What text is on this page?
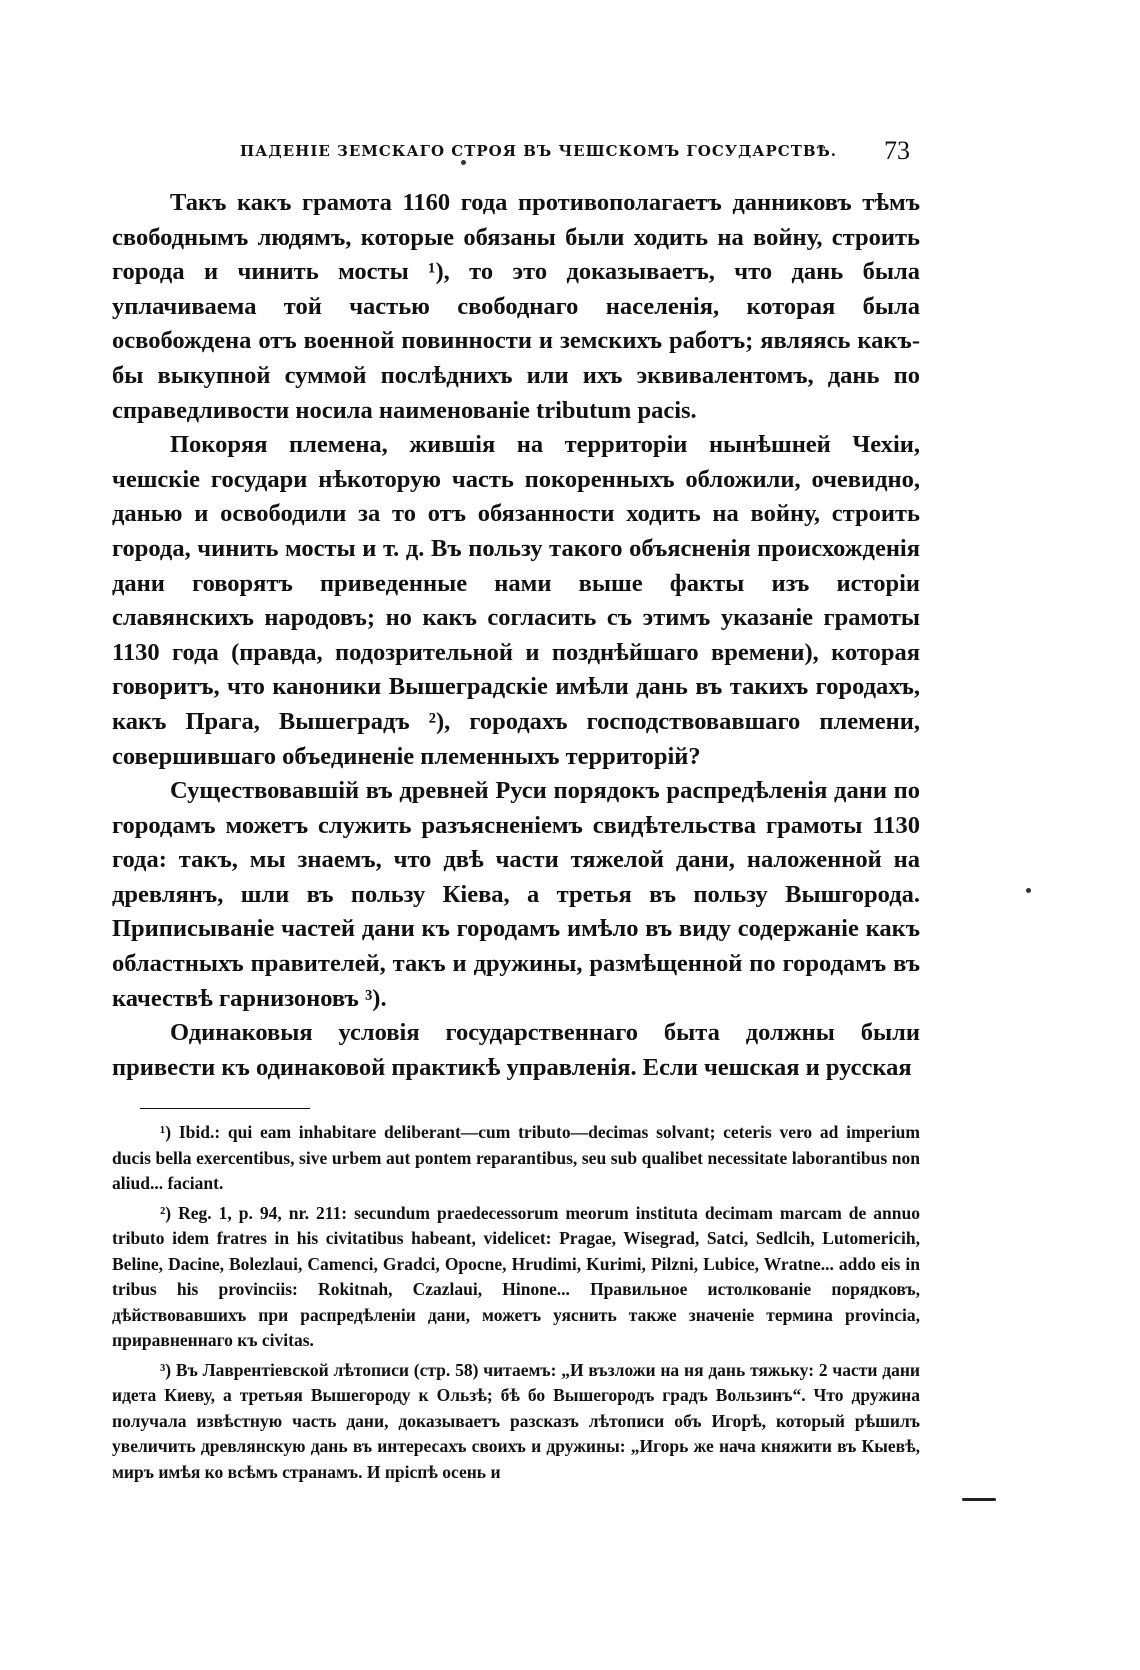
ПАДЕНІЕ ЗЕМСКАГО СТРОЯ ВЪ ЧЕШСКОМЪ ГОСУДАРСТВѢ. 73

Такъ какъ грамота 1160 года противополагаетъ данниковъ тѣмъ свободнымъ людямъ, которые обязаны были ходить на войну, строить города и чинить мосты ¹), то это доказываетъ, что дань была уплачиваема той частью свободнаго населенія, которая была освобождена отъ военной повинности и земскихъ работъ; являясь какъ-бы выкупной суммой послѣднихъ или ихъ эквивалентомъ, дань по справедливости носила наименованіе tributum pacis.

Покоряя племена, жившія на территоріи нынѣшней Чехіи, чешскіе государи нѣкоторую часть покоренныхъ обложили, очевидно, данью и освободили за то отъ обязанности ходить на войну, строить города, чинить мосты и т. д. Въ пользу такого объясненія происхожденія дани говорятъ приведенные нами выше факты изъ исторіи славянскихъ народовъ; но какъ согласить съ этимъ указаніе грамоты 1130 года (правда, подозрительной и позднѣйшаго времени), которая говоритъ, что каноники Вышеградскіе имѣли дань въ такихъ городахъ, какъ Прага, Вышеградъ ²), городахъ господствовавшаго племени, совершившаго объединеніе племенныхъ территорій?

Существовавшій въ древней Руси порядокъ распредѣленія дани по городамъ можетъ служить разъясненіемъ свидѣтельства грамоты 1130 года: такъ, мы знаемъ, что двѣ части тяжелой дани, наложенной на древлянъ, шли въ пользу Кіева, а третья въ пользу Вышгорода. Приписываніе частей дани къ городамъ имѣло въ виду содержаніе какъ областныхъ правителей, такъ и дружины, размѣщенной по городамъ въ качествѣ гарнизоновъ ³).

Одинаковыя условія государственнаго быта должны были привести къ одинаковой практикѣ управленія. Если чешская и русская

¹) Ibid.: qui eam inhabitare deliberant—cum tributo—decimas solvant; ceteris vero ad imperium ducis bella exercentibus, sive urbem aut pontem reparantibus, seu sub qualibet necessitate laborantibus non aliud... faciant.

²) Reg. 1, p. 94, nr. 211: secundum praedecessorum meorum instituta decimam marcam de annuo tributo idem fratres in his civitatibus habeant, videlicet: Pragae, Wisegrad, Satci, Sedlcih, Lutomericih, Beline, Dacine, Bolezlaui, Camenci, Gradci, Opocne, Hrudimi, Kurimi, Pilzni, Lubice, Wratne... addo eis in tribus his provinciis: Rokitnah, Czazlaui, Hinone... Правильное истолкованіе порядковъ, дѣйствовавшихъ при распредѣленіи дани, можетъ уяснить также значеніе термина provincia, приравненнаго къ civitas.

³) Въ Лаврентіевской лѣтописи (стр. 58) читаемъ: „И възложи на ня дань тяжьку: 2 части дани идета Киеву, а третьяя Вышегороду к Ользѣ; бѣ бо Вышегородъ градъ Вользинъ“. Что дружина получала извѣстную часть дани, доказываетъ разсказъ лѣтописи объ Игорѣ, который рѣшилъ увеличить древлянскую дань въ интересахъ своихъ и дружины: „Игорь же нача княжити въ Кыевѣ, миръ имѣя ко всѣмъ странамъ. И пріспѣ осень и
